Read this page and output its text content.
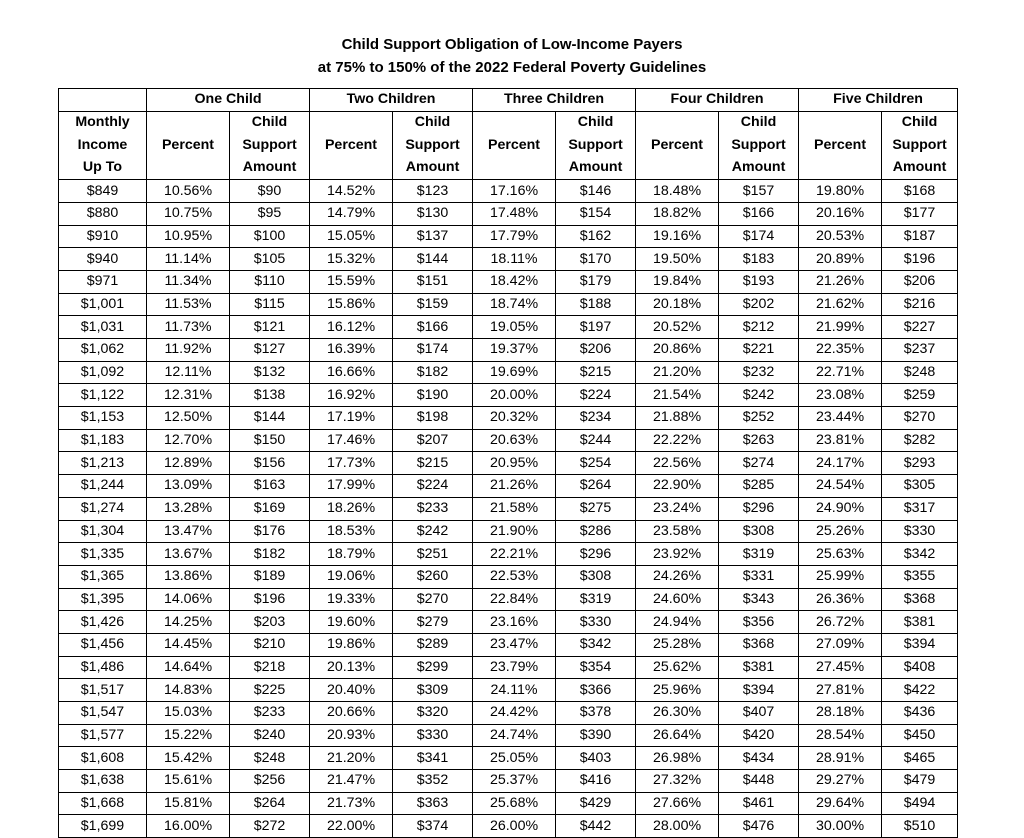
Child Support Obligation of Low-Income Payers
at 75% to 150% of the 2022 Federal Poverty Guidelines
	One Child		Two Children		Three Children		Four Children		Five Children	
Monthly		Child		Child		Child		Child		Child
Income	Percent	Support	Percent	Support	Percent	Support	Percent	Support	Percent	Support
Up To		Amount		Amount		Amount		Amount		Amount
$849	10.56%	$90	14.52%	$123	17.16%	$146	18.48%	$157	19.80%	$168
$880	10.75%	$95	14.79%	$130	17.48%	$154	18.82%	$166	20.16%	$177
$910	10.95%	$100	15.05%	$137	17.79%	$162	19.16%	$174	20.53%	$187
$940	11.14%	$105	15.32%	$144	18.11%	$170	19.50%	$183	20.89%	$196
$971	11.34%	$110	15.59%	$151	18.42%	$179	19.84%	$193	21.26%	$206
$1,001	11.53%	$115	15.86%	$159	18.74%	$188	20.18%	$202	21.62%	$216
$1,031	11.73%	$121	16.12%	$166	19.05%	$197	20.52%	$212	21.99%	$227
$1,062	11.92%	$127	16.39%	$174	19.37%	$206	20.86%	$221	22.35%	$237
$1,092	12.11%	$132	16.66%	$182	19.69%	$215	21.20%	$232	22.71%	$248
$1,122	12.31%	$138	16.92%	$190	20.00%	$224	21.54%	$242	23.08%	$259
$1,153	12.50%	$144	17.19%	$198	20.32%	$234	21.88%	$252	23.44%	$270
$1,183	12.70%	$150	17.46%	$207	20.63%	$244	22.22%	$263	23.81%	$282
$1,213	12.89%	$156	17.73%	$215	20.95%	$254	22.56%	$274	24.17%	$293
$1,244	13.09%	$163	17.99%	$224	21.26%	$264	22.90%	$285	24.54%	$305
$1,274	13.28%	$169	18.26%	$233	21.58%	$275	23.24%	$296	24.90%	$317
$1,304	13.47%	$176	18.53%	$242	21.90%	$286	23.58%	$308	25.26%	$330
$1,335	13.67%	$182	18.79%	$251	22.21%	$296	23.92%	$319	25.63%	$342
$1,365	13.86%	$189	19.06%	$260	22.53%	$308	24.26%	$331	25.99%	$355
$1,395	14.06%	$196	19.33%	$270	22.84%	$319	24.60%	$343	26.36%	$368
$1,426	14.25%	$203	19.60%	$279	23.16%	$330	24.94%	$356	26.72%	$381
$1,456	14.45%	$210	19.86%	$289	23.47%	$342	25.28%	$368	27.09%	$394
$1,486	14.64%	$218	20.13%	$299	23.79%	$354	25.62%	$381	27.45%	$408
$1,517	14.83%	$225	20.40%	$309	24.11%	$366	25.96%	$394	27.81%	$422
$1,547	15.03%	$233	20.66%	$320	24.42%	$378	26.30%	$407	28.18%	$436
$1,577	15.22%	$240	20.93%	$330	24.74%	$390	26.64%	$420	28.54%	$450
$1,608	15.42%	$248	21.20%	$341	25.05%	$403	26.98%	$434	28.91%	$465
$1,638	15.61%	$256	21.47%	$352	25.37%	$416	27.32%	$448	29.27%	$479
$1,668	15.81%	$264	21.73%	$363	25.68%	$429	27.66%	$461	29.64%	$494
$1,699	16.00%	$272	22.00%	$374	26.00%	$442	28.00%	$476	30.00%	$510
